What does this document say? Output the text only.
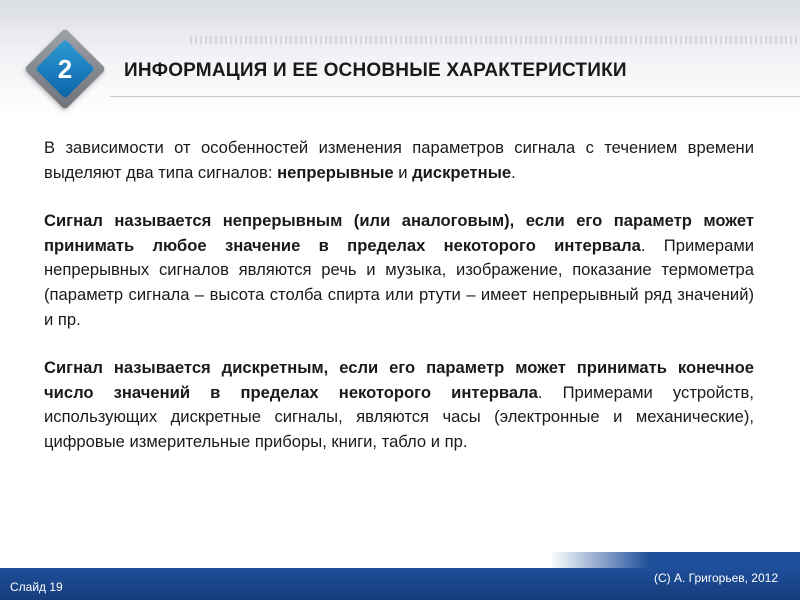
2	ИНФОРМАЦИЯ И ЕЕ ОСНОВНЫЕ ХАРАКТЕРИСТИКИ

В зависимости от особенностей изменения параметров сигнала с течением времени выделяют два типа сигналов: непрерывные и дискретные.

Сигнал называется непрерывным (или аналоговым), если его параметр может принимать любое значение в пределах некоторого интервала. Примерами непрерывных сигналов являются речь и музыка, изображение, показание термометра (параметр сигнала – высота столба спирта или ртути – имеет непрерывный ряд значений) и пр.

Сигнал называется дискретным, если его параметр может принимать конечное число значений в пределах некоторого интервала. Примерами устройств, использующих дискретные сигналы, являются часы (электронные и механические), цифровые измерительные приборы, книги, табло и пр.

(С) А. Григорьев, 2012
Слайд 19
